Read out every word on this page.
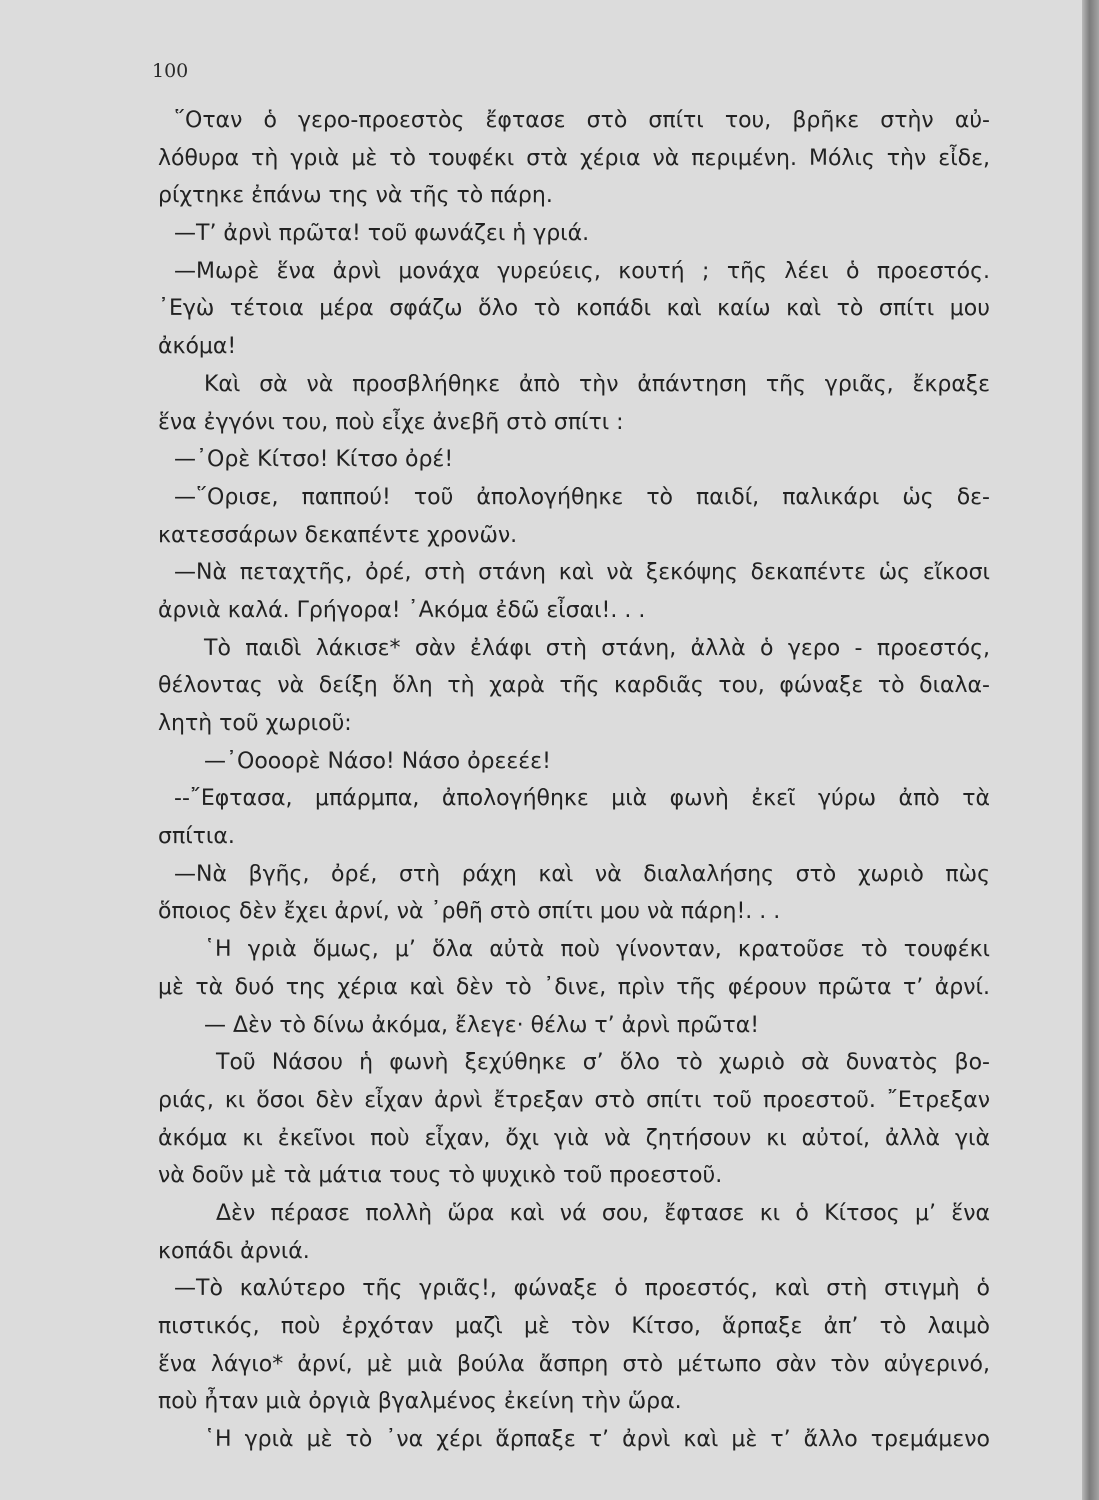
100
῞Οταν ὁ γερο-προεστὸς ἔφτασε στὸ σπίτι του, βρῆκε στὴν αὐ-
λόθυρα τὴ γριὰ μὲ τὸ τουφέκι στὰ χέρια νὰ περιμένη. Μόλις τὴν εἶδε,
ρίχτηκε ἐπάνω της νὰ τῆς τὸ πάρη.
—Τ’ ἀρνὶ πρῶτα! τοῦ φωνάζει ἡ γριά.
—Μωρὲ ἕνα ἀρνὶ μονάχα γυρεύεις, κουτή ; τῆς λέει ὁ προεστός.
᾿Εγὼ τέτοια μέρα σφάζω ὅλο τὸ κοπάδι καὶ καίω καὶ τὸ σπίτι μου
ἀκόμα!
Καὶ σὰ νὰ προσβλήθηκε ἀπὸ τὴν ἀπάντηση τῆς γριᾶς, ἔκραξε
ἕνα ἐγγόνι του, ποὺ εἶχε ἀνεβῆ στὸ σπίτι :
—᾿Ορὲ Κίτσο! Κίτσο ὀρέ!
—῞Ορισε, παππού! τοῦ ἀπολογήθηκε τὸ παιδί, παλικάρι ὡς δε-
κατεσσάρων δεκαπέντε χρονῶν.
—Νὰ πεταχτῆς, ὀρέ, στὴ στάνη καὶ νὰ ξεκόψης δεκαπέντε ὡς εἴκοσι
ἀρνιὰ καλά. Γρήγορα! ᾿Ακόμα ἐδῶ εἶσαι!. . .
Τὸ παιδὶ λάκισε* σὰν ἐλάφι στὴ στάνη, ἀλλὰ ὁ γερο - προεστός,
θέλοντας νὰ δείξη ὅλη τὴ χαρὰ τῆς καρδιᾶς του, φώναξε τὸ διαλα-
λητὴ τοῦ χωριοῦ:
—᾿Οοοορὲ Νάσο! Νάσο ὀρεεέε!
--῎Εφτασα, μπάρμπα, ἀπολογήθηκε μιὰ φωνὴ ἐκεῖ γύρω ἀπὸ τὰ
σπίτια.
—Νὰ βγῆς, ὀρέ, στὴ ράχη καὶ νὰ διαλαλήσης στὸ χωριὸ πὼς
ὅποιος δὲν ἔχει ἀρνί, νὰ ᾿ρθῆ στὸ σπίτι μου νὰ πάρη!. . .
῾Η γριὰ ὅμως, μ’ ὅλα αὐτὰ ποὺ γίνονταν, κρατοῦσε τὸ τουφέκι
μὲ τὰ δυό της χέρια καὶ δὲν τὸ ᾿δινε, πρὶν τῆς φέρουν πρῶτα τ’ ἀρνί.
— Δὲν τὸ δίνω ἀκόμα, ἔλεγε· θέλω τ’ ἀρνὶ πρῶτα!
Τοῦ Νάσου ἡ φωνὴ ξεχύθηκε σ’ ὅλο τὸ χωριὸ σὰ δυνατὸς βο-
ριάς, κι ὅσοι δὲν εἶχαν ἀρνὶ ἔτρεξαν στὸ σπίτι τοῦ προεστοῦ. ῎Ετρεξαν
ἀκόμα κι ἐκεῖνοι ποὺ εἶχαν, ὄχι γιὰ νὰ ζητήσουν κι αὐτοί, ἀλλὰ γιὰ
νὰ δοῦν μὲ τὰ μάτια τους τὸ ψυχικὸ τοῦ προεστοῦ.
Δὲν πέρασε πολλὴ ὥρα καὶ νά σου, ἔφτασε κι ὁ Κίτσος μ’ ἕνα
κοπάδι ἀρνιά.
—Τὸ καλύτερο τῆς γριᾶς!, φώναξε ὁ προεστός, καὶ στὴ στιγμὴ ὁ
πιστικός, ποὺ ἐρχόταν μαζὶ μὲ τὸν Κίτσο, ἅρπαξε ἀπ’ τὸ λαιμὸ
ἕνα λάγιο* ἀρνί, μὲ μιὰ βούλα ἄσπρη στὸ μέτωπο σὰν τὸν αὐγερινό,
ποὺ ἦταν μιὰ ὀργιὰ βγαλμένος ἐκείνη τὴν ὥρα.
῾Η γριὰ μὲ τὸ ᾿να χέρι ἅρπαξε τ’ ἀρνὶ καὶ μὲ τ’ ἄλλο τρεμάμενο
